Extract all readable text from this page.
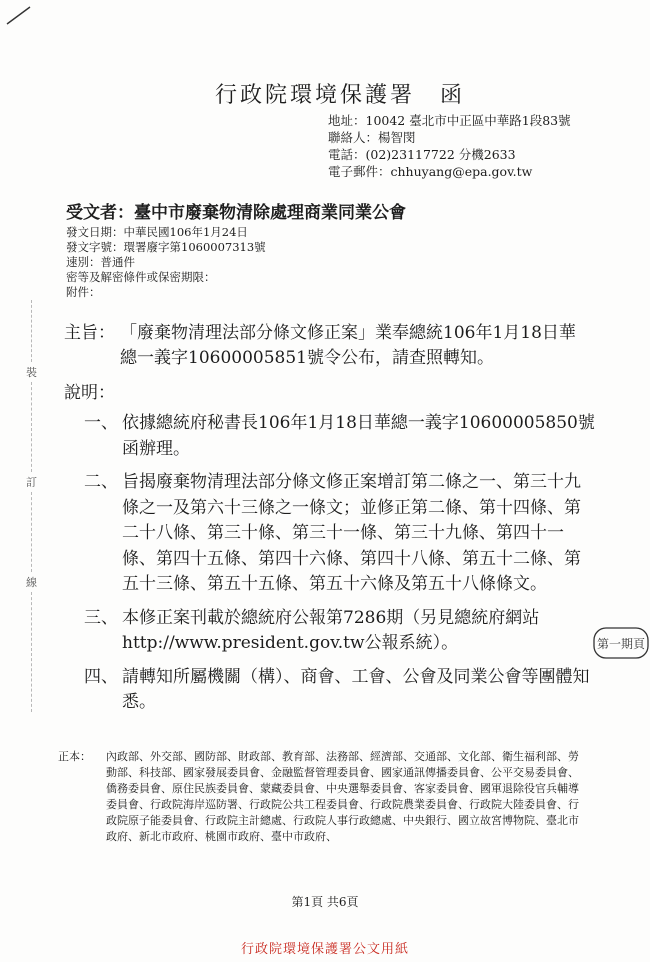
行政院環境保護署　函
地址：10042 臺北市中正區中華路1段83號
聯絡人：楊智閔
電話：(02)23117722 分機2633
電子郵件：chhuyang@epa.gov.tw
受文者：臺中市廢棄物清除處理商業同業公會
發文日期：中華民國106年1月24日
發文字號：環署廢字第1060007313號
速別：普通件
密等及解密條件或保密期限：
附件：
主旨： 「廢棄物清理法部分條文修正案」業奉總統106年1月18日華總一義字10600005851號令公布，請查照轉知。
說明：
一、 依據總統府秘書長106年1月18日華總一義字10600005850號函辦理。
二、 旨揭廢棄物清理法部分條文修正案增訂第二條之一、第三十九條之一及第六十三條之一條文；並修正第二條、第十四條、第二十八條、第三十條、第三十一條、第三十九條、第四十一條、第四十五條、第四十六條、第四十八條、第五十二條、第五十三條、第五十五條、第五十六條及第五十八條條文。
三、 本修正案刊載於總統府公報第7286期（另見總統府網站http://www.president.gov.tw公報系統）。
四、 請轉知所屬機關（構）、商會、工會、公會及同業公會等團體知悉。
正本： 內政部、外交部、國防部、財政部、教育部、法務部、經濟部、交通部、文化部、衛生福利部、勞動部、科技部、國家發展委員會、金融監督管理委員會、國家通訊傳播委員會、公平交易委員會、僑務委員會、原住民族委員會、蒙藏委員會、中央選舉委員會、客家委員會、國軍退除役官兵輔導委員會、行政院海岸巡防署、行政院公共工程委員會、行政院農業委員會、行政院大陸委員會、行政院原子能委員會、行政院主計總處、行政院人事行政總處、中央銀行、國立故宮博物院、臺北市政府、新北市政府、桃園市政府、臺中市政府、
第1頁 共6頁
行政院環境保護署公文用紙
裝
訂
線
第一期頁
